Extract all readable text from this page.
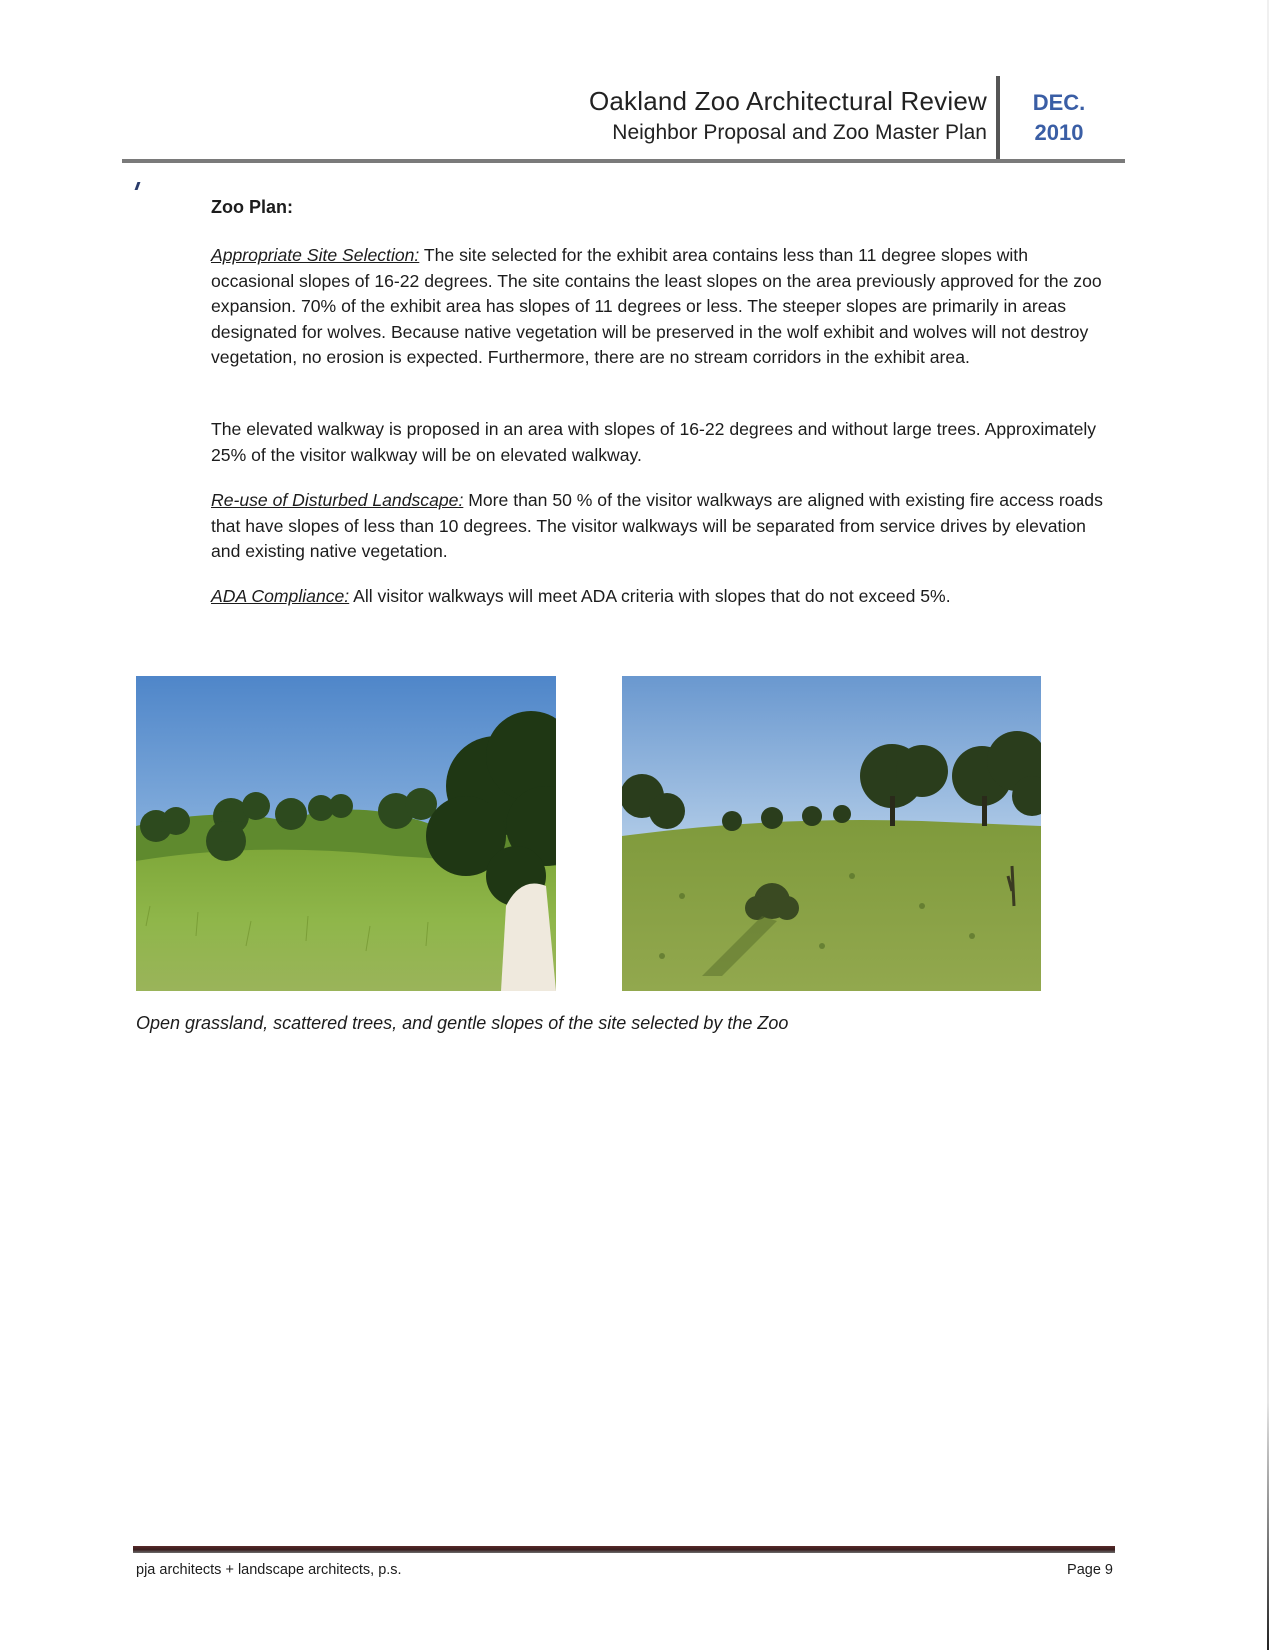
Oakland Zoo Architectural Review
Neighbor Proposal and Zoo Master Plan
DEC.
2010
Zoo Plan:

Appropriate Site Selection: The site selected for the exhibit area contains less than 11 degree slopes with occasional slopes of 16-22 degrees. The site contains the least slopes on the area previously approved for the zoo expansion. 70% of the exhibit area has slopes of 11 degrees or less. The steeper slopes are primarily in areas designated for wolves. Because native vegetation will be preserved in the wolf exhibit and wolves will not destroy vegetation, no erosion is expected. Furthermore, there are no stream corridors in the exhibit area.

The elevated walkway is proposed in an area with slopes of 16-22 degrees and without large trees. Approximately 25% of the visitor walkway will be on elevated walkway.

Re-use of Disturbed Landscape: More than 50 % of the visitor walkways are aligned with existing fire access roads that have slopes of less than 10 degrees. The visitor walkways will be separated from service drives by elevation and existing native vegetation.

ADA Compliance: All visitor walkways will meet ADA criteria with slopes that do not exceed 5%.

Open grassland, scattered trees, and gentle slopes of the site selected by the Zoo
pja architects + landscape architects, p.s.	Page 9
